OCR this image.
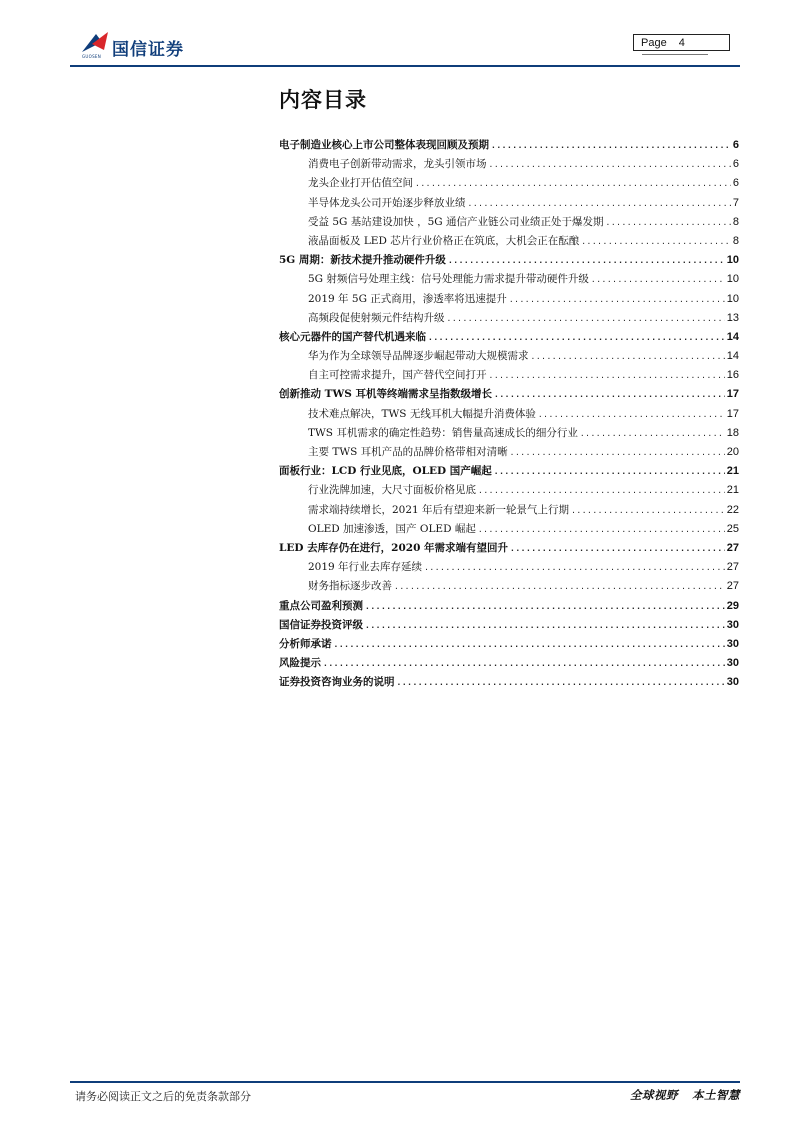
国信证券
GUOSEN
Page 4
内容目录
电子制造业核心上市公司整体表现回顾及预期 .....	6
消费电子创新带动需求，龙头引领市场 .....	6
龙头企业打开估值空间 .....	6
半导体龙头公司开始逐步释放业绩 .....	7
受益 5G 基站建设加快 ，5G 通信产业链公司业绩正处于爆发期 .....	8
液晶面板及 LED 芯片行业价格正在筑底，大机会正在酝酿 .....	8
5G 周期：新技术提升推动硬件升级 .....	10
5G 射频信号处理主线：信号处理能力需求提升带动硬件升级 .....	10
2019 年 5G 正式商用，渗透率将迅速提升 .....	10
高频段促使射频元件结构升级 .....	13
核心元器件的国产替代机遇来临 .....	14
华为作为全球领导品牌逐步崛起带动大规模需求 .....	14
自主可控需求提升，国产替代空间打开 .....	16
创新推动 TWS 耳机等终端需求呈指数级增长 .....	17
技术难点解决，TWS 无线耳机大幅提升消费体验 .....	17
TWS 耳机需求的确定性趋势：销售量高速成长的细分行业 .....	18
主要 TWS 耳机产品的品牌价格带相对清晰 .....	20
面板行业：LCD 行业见底，OLED 国产崛起 .....	21
行业洗牌加速，大尺寸面板价格见底 .....	21
需求端持续增长，2021 年后有望迎来新一轮景气上行期 .....	22
OLED 加速渗透，国产 OLED 崛起 .....	25
LED 去库存仍在进行，2020 年需求端有望回升 .....	27
2019 年行业去库存延续 .....	27
财务指标逐步改善 .....	27
重点公司盈利预测 .....	29
国信证券投资评级 .....	30
分析师承诺 .....	30
风险提示 .....	30
证券投资咨询业务的说明 .....	30
请务必阅读正文之后的免责条款部分	全球视野 本土智慧
